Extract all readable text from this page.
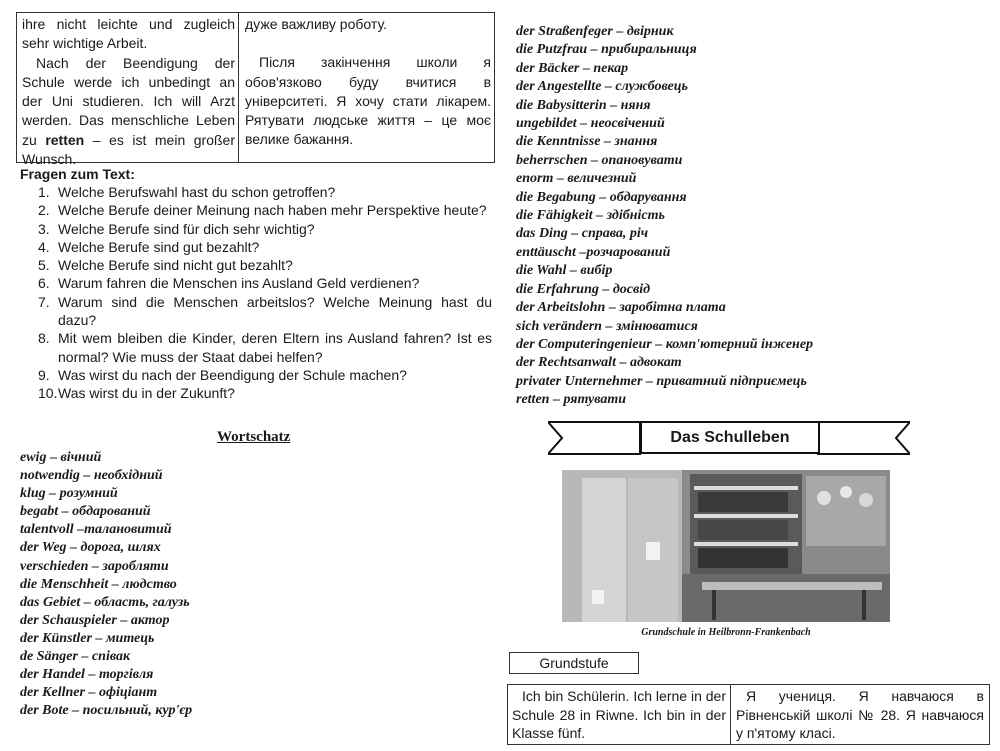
ihre nicht leichte und zugleich sehr wichtige Arbeit.

Nach der Beendigung der Schule werde ich unbedingt an der Uni studieren. Ich will Arzt werden. Das menschliche Leben zu retten – es ist mein großer Wunsch.

дуже важливу роботу.

Після закінчення школи я обов'язково буду вчитися в університеті. Я хочу стати лікарем. Рятувати людське життя – це моє велике бажання.

Fragen zum Text:
1. Welche Berufswahl hast du schon getroffen?
2. Welche Berufe deiner Meinung nach haben mehr Perspektive heute?
3. Welche Berufe sind für dich sehr wichtig?
4. Welche Berufe sind gut bezahlt?
5. Welche Berufe sind nicht gut bezahlt?
6. Warum fahren die Menschen ins Ausland Geld verdienen?
7. Warum sind die Menschen arbeitslos? Welche Meinung hast du dazu?
8. Mit wem bleiben die Kinder, deren Eltern ins Ausland fahren? Ist es normal? Wie muss der Staat dabei helfen?
9. Was wirst du nach der Beendigung der Schule machen?
10. Was wirst du in der Zukunft?
Wortschatz
ewig – вічний
notwendig – необхідний
klug – розумний
begabt – обдарований
talentvoll –талановитий
der Weg – дорога, шлях
verschieden – заробляти
die Menschheit – людство
das Gebiet – область, галузь
der Schauspieler – актор
der Künstler – митець
de Sänger – співак
der Handel – торгівля
der Kellner – офіціант
der Bote – посильний, кур'єр
der Straßenfeger – двірник
die Putzfrau – прибиральниця
der Bäcker – пекар
der Angestellte – службовець
die Babysitterin – няня
ungebildet – неосвічений
die Kenntnisse – знання
beherrschen – опановувати
enorm – величезний
die Begabung – обдарування
die Fähigkeit – здібність
das Ding – справа, річ
enttäuscht –розчарований
die Wahl – вибір
die Erfahrung – досвід
der Arbeitslohn – заробітна плата
sich verändern – змінюватися
der Computeringenieur – комп'ютерний інженер
der Rechtsanwalt – адвокат
privater Unternehmer – приватний підприємець
retten – рятувати
Das Schulleben
Grundschule in Heilbronn-Frankenbach
Grundstufe
Ich bin Schülerin. Ich lerne in der Schule 28 in Riwne. Ich bin in der Klasse fünf.
Я учениця. Я навчаюся в Рівненській школі № 28. Я навчаюся у п'ятому класі.
